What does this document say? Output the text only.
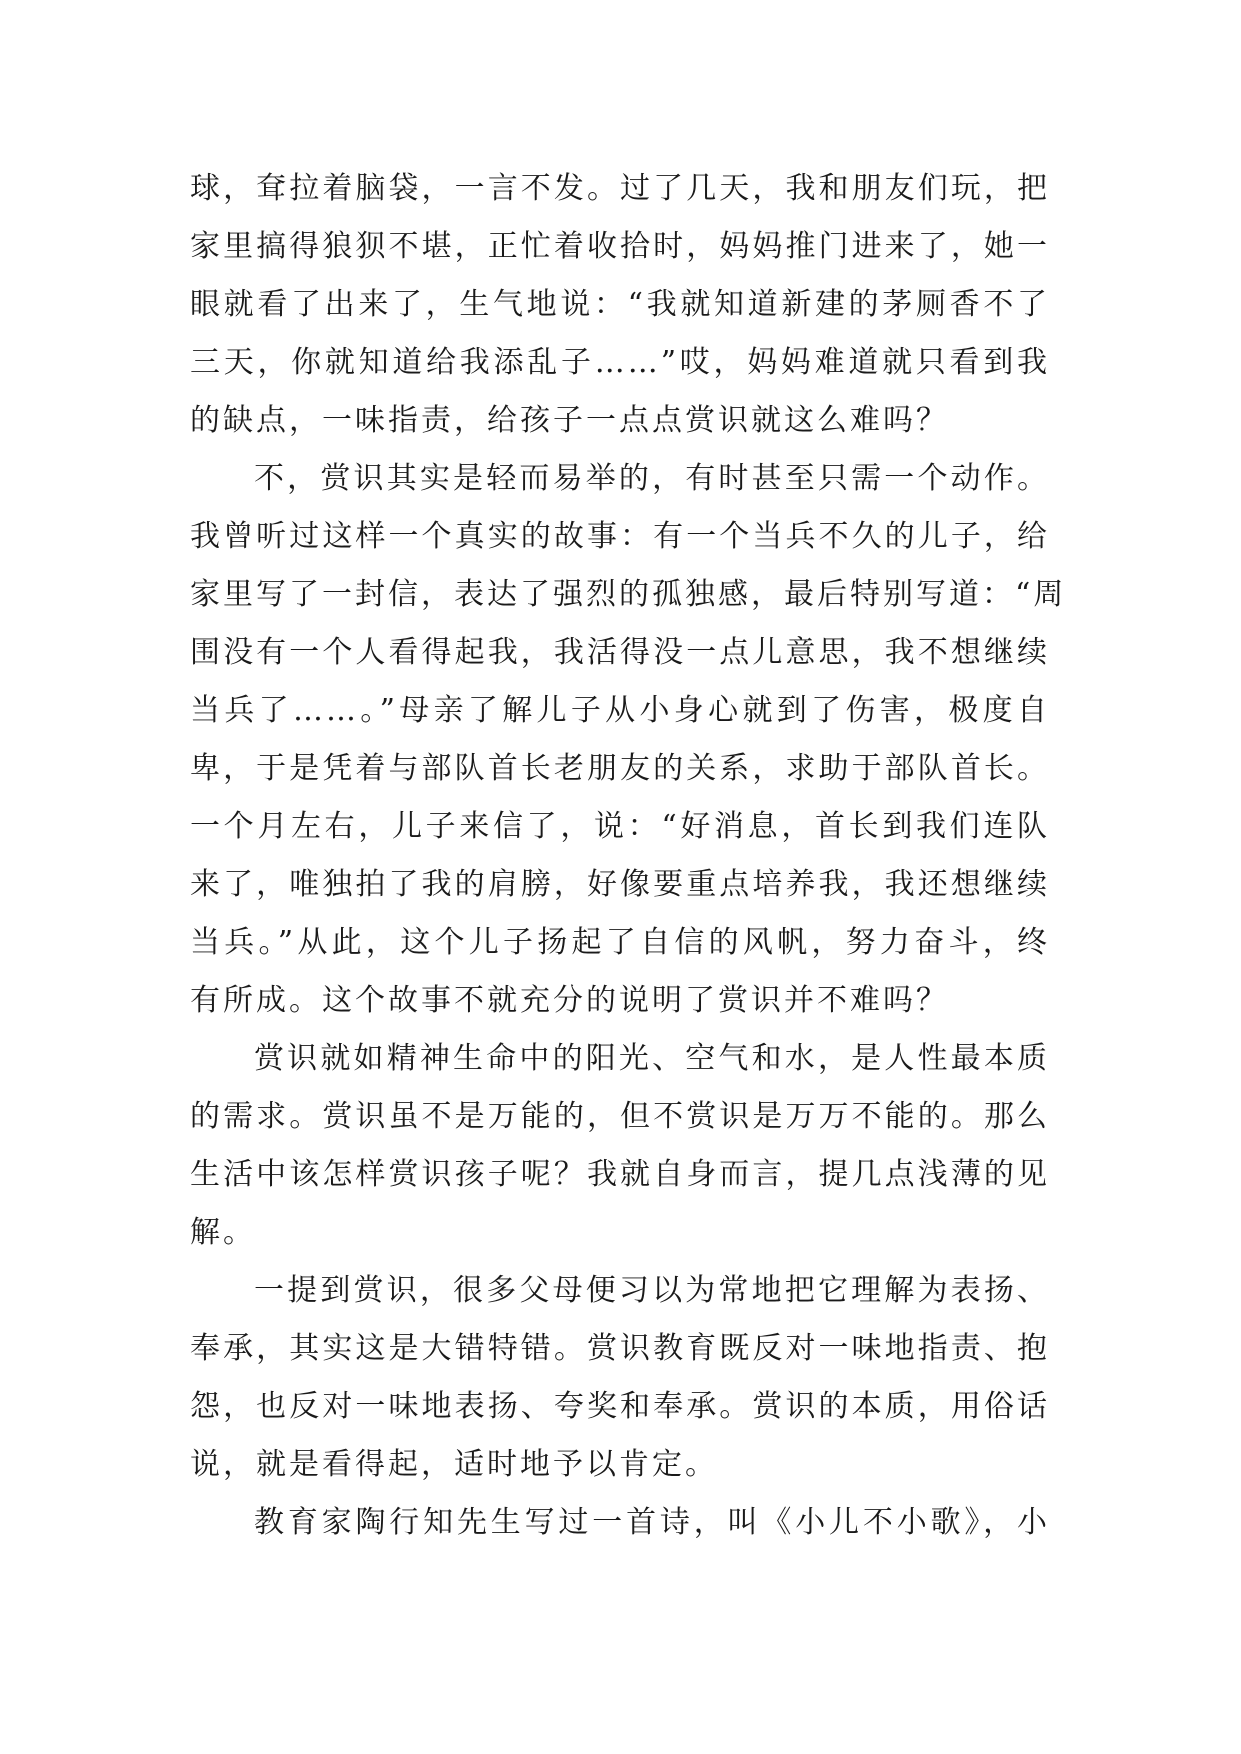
球，耷拉着脑袋，一言不发。过了几天，我和朋友们玩，把
家里搞得狼狈不堪，正忙着收拾时，妈妈推门进来了，她一
眼就看了出来了，生气地说：“我就知道新建的茅厕香不了
三天，你就知道给我添乱子……”哎，妈妈难道就只看到我
的缺点，一味指责，给孩子一点点赏识就这么难吗？
不，赏识其实是轻而易举的，有时甚至只需一个动作。
我曾听过这样一个真实的故事：有一个当兵不久的儿子，给
家里写了一封信，表达了强烈的孤独感，最后特别写道：“周
围没有一个人看得起我，我活得没一点儿意思，我不想继续
当兵了……。”母亲了解儿子从小身心就到了伤害，极度自
卑，于是凭着与部队首长老朋友的关系，求助于部队首长。
一个月左右，儿子来信了，说：“好消息，首长到我们连队
来了，唯独拍了我的肩膀，好像要重点培养我，我还想继续
当兵。”从此，这个儿子扬起了自信的风帆，努力奋斗，终
有所成。这个故事不就充分的说明了赏识并不难吗？
赏识就如精神生命中的阳光、空气和水，是人性最本质
的需求。赏识虽不是万能的，但不赏识是万万不能的。那么
生活中该怎样赏识孩子呢？我就自身而言，提几点浅薄的见
解。
一提到赏识，很多父母便习以为常地把它理解为表扬、
奉承，其实这是大错特错。赏识教育既反对一味地指责、抱
怨，也反对一味地表扬、夸奖和奉承。赏识的本质，用俗话
说，就是看得起，适时地予以肯定。
教育家陶行知先生写过一首诗，叫《小儿不小歌》，小
